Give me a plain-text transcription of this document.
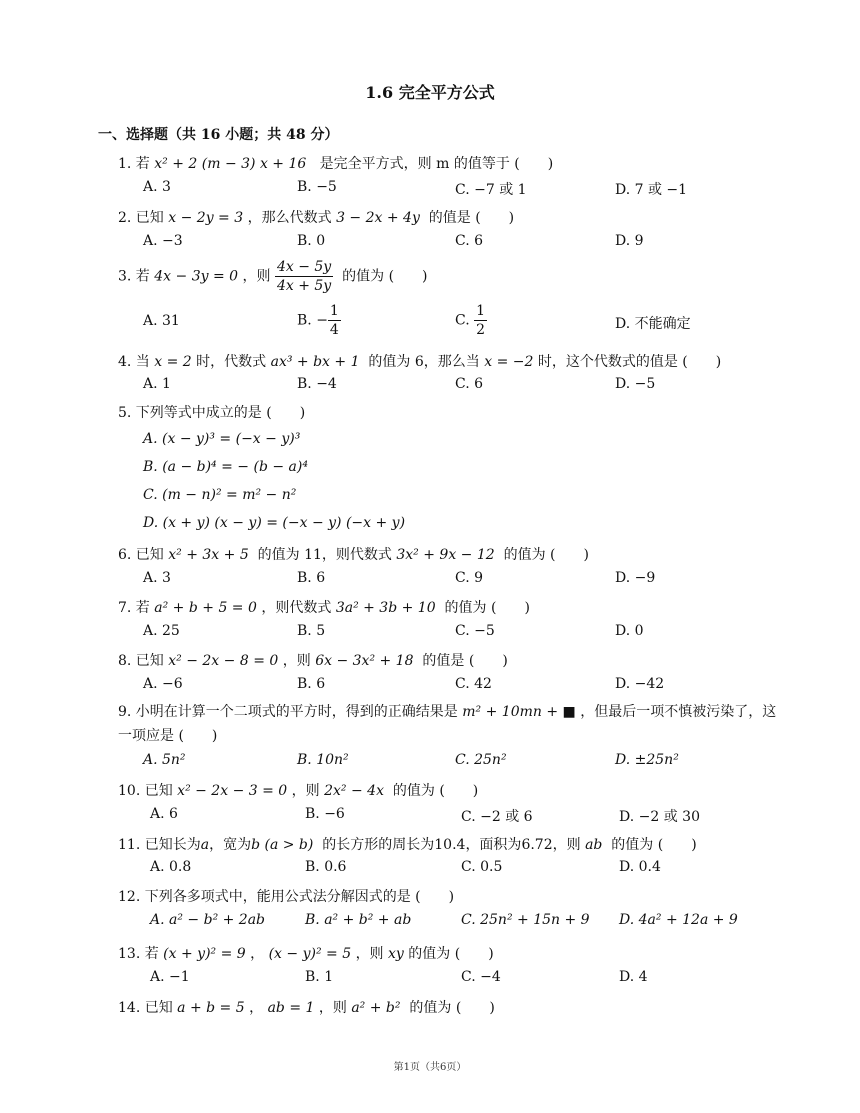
1.6 完全平方公式
一、选择题（共 16 小题；共 48 分）
1. 若 x² + 2 (m − 3) x + 16 是完全平方式，则 m 的值等于 (　　)
A. 3	B. −5	C. −7 或 1	D. 7 或 −1
2. 已知 x − 2y = 3 ，那么代数式 3 − 2x + 4y 的值是 (　　)
A. −3	B. 0	C. 6	D. 9
3. 若 4x − 3y = 0 ，则 $\frac{4x - 5y}{4x + 5y}$ 的值为 (　　)
A. 31	B. − $\frac{1}{4}$	C. $\frac{1}{2}$	D. 不能确定
4. 当 x = 2 时，代数式 ax³ + bx + 1 的值为 6，那么当 x = −2 时，这个代数式的值是 (　　)
A. 1	B. −4	C. 6	D. −5
5. 下列等式中成立的是 (　　)
A. (x − y)³ = (−x − y)³
B. (a − b)⁴ = − (b − a)⁴
C. (m − n)² = m² − n²
D. (x + y) (x − y) = (−x − y) (−x + y)
6. 已知 x² + 3x + 5 的值为 11，则代数式 3x² + 9x − 12 的值为 (　　)
A. 3	B. 6	C. 9	D. −9
7. 若 a² + b + 5 = 0 ，则代数式 3a² + 3b + 10 的值为 (　　)
A. 25	B. 5	C. −5	D. 0
8. 已知 x² − 2x − 8 = 0 ，则 6x − 3x² + 18 的值是 (　　)
A. −6	B. 6	C. 42	D. −42
9. 小明在计算一个二项式的平方时，得到的正确结果是 m² + 10mn + ■ ，但最后一项不慎被污染了，这一项应是 (　　)
A. 5n²	B. 10n²	C. 25n²	D. ±25n²
10. 已知 x² − 2x − 3 = 0 ，则 2x² − 4x 的值为 (　　)
A. 6	B. −6	C. −2 或 6	D. −2 或 30
11. 已知长为a，宽为b (a > b) 的长方形的周长为10.4，面积为6.72，则 ab 的值为 (　　)
A. 0.8	B. 0.6	C. 0.5	D. 0.4
12. 下列各多项式中，能用公式法分解因式的是 (　　)
A. a² − b² + 2ab	B. a² + b² + ab	C. 25n² + 15n + 9 D. 4a² + 12a + 9
13. 若 (x + y)² = 9 ， (x − y)² = 5 ，则 xy 的值为 (　　)
A. −1	B. 1	C. −4	D. 4
14. 已知 a + b = 5 ， ab = 1 ，则 a² + b² 的值为 (　　)
第1页（共6页）
